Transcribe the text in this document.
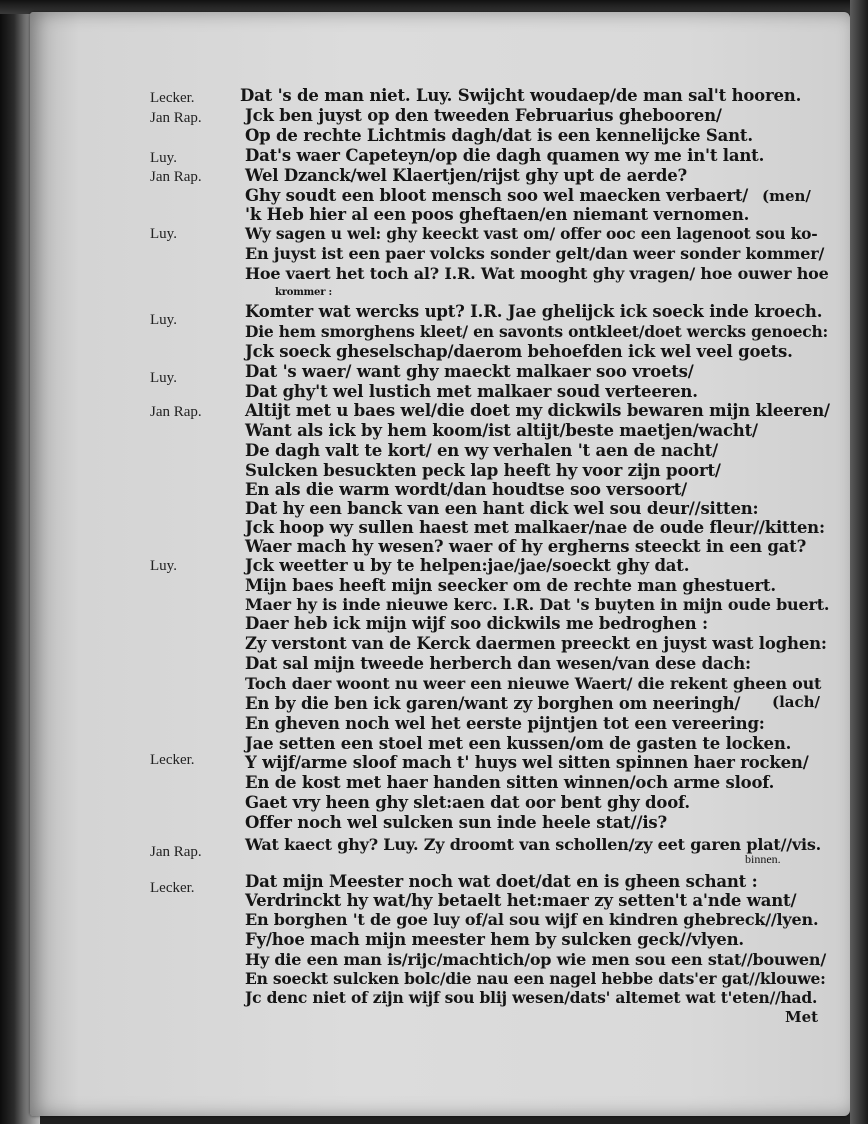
Lecker.
Jan Rap.
Luy.
Jan Rap.
Luy.
Luy.
Luy.
Jan Rap.
Luy.
Lecker.
Jan Rap.
Lecker.
Dat 's de man niet. Luy. Swijcht woudaep/de man sal't hooren.
Jck ben juyst op den tweeden Februarius ghebooren/
Op de rechte Lichtmis dagh/dat is een kennelijcke Sant.
Dat's waer Capeteyn/op die dagh quamen wy me in't lant.
Wel Dzanck/wel Klaertjen/rijst ghy upt de aerde?
Ghy soudt een bloot mensch soo wel maecken verbaert/
'k Heb hier al een poos gheftaen/en niemant vernomen.
Wy sagen u wel: ghy keeckt vast om/ offer ooc een lagenoot sou ko-
En juyst ist een paer volcks sonder gelt/dan weer sonder kommer/
Hoe vaert het toch al? I.R. Wat mooght ghy vragen/ hoe ouwer hoe
krommer :
Komter wat wercks upt? I.R. Jae ghelijck ick soeck inde kroech.
Die hem smorghens kleet/ en savonts ontkleet/doet wercks genoech:
Jck soeck gheselschap/daerom behoefden ick wel veel goets.
Dat 's waer/ want ghy maeckt malkaer soo vroets/
Dat ghy't wel lustich met malkaer soud verteeren.
Altijt met u baes wel/die doet my dickwils bewaren mijn kleeren/
Want als ick by hem koom/ist altijt/beste maetjen/wacht/
De dagh valt te kort/ en wy verhalen 't aen de nacht/
Sulcken besuckten peck lap heeft hy voor zijn poort/
En als die warm wordt/dan houdtse soo versoort/
Dat hy een banck van een hant dick wel sou deur//sitten:
Jck hoop wy sullen haest met malkaer/nae de oude fleur//kitten:
Waer mach hy wesen? waer of hy ergherns steeckt in een gat?
Jck weetter u by te helpen:jae/jae/soeckt ghy dat.
Mijn baes heeft mijn seecker om de rechte man ghestuert.
Maer hy is inde nieuwe kerc. I.R. Dat 's buyten in mijn oude buert.
Daer heb ick mijn wijf soo dickwils me bedroghen :
Zy verstont van de Kerck daermen preeckt en juyst wast loghen:
Dat sal mijn tweede herberch dan wesen/van dese dach:
Toch daer woont nu weer een nieuwe Waert/ die rekent gheen out
En by die ben ick garen/want zy borghen om neeringh/
En gheven noch wel het eerste pijntjen tot een vereering:
Jae setten een stoel met een kussen/om de gasten te locken.
Y wijf/arme sloof mach t' huys wel sitten spinnen haer rocken/
En de kost met haer handen sitten winnen/och arme sloof.
Gaet vry heen ghy slet:aen dat oor bent ghy doof.
Offer noch wel sulcken sun inde heele stat//is?
Wat kaect ghy? Luy. Zy droomt van schollen/zy eet garen plat//vis.
Dat mijn Meester noch wat doet/dat en is gheen schant :
Verdrinckt hy wat/hy betaelt het:maer zy setten't a'nde want/
En borghen 't de goe luy of/al sou wijf en kindren ghebreck//lyen.
Fy/hoe mach mijn meester hem by sulcken geck//vlyen.
Hy die een man is/rijc/machtich/op wie men sou een stat//bouwen/
En soeckt sulcken bolc/die nau een nagel hebbe dats'er gat//klouwe:
Jc denc niet of zijn wijf sou blij wesen/dats' altemet wat t'eten//had.
(men/
(lach/
binnen.
Met
